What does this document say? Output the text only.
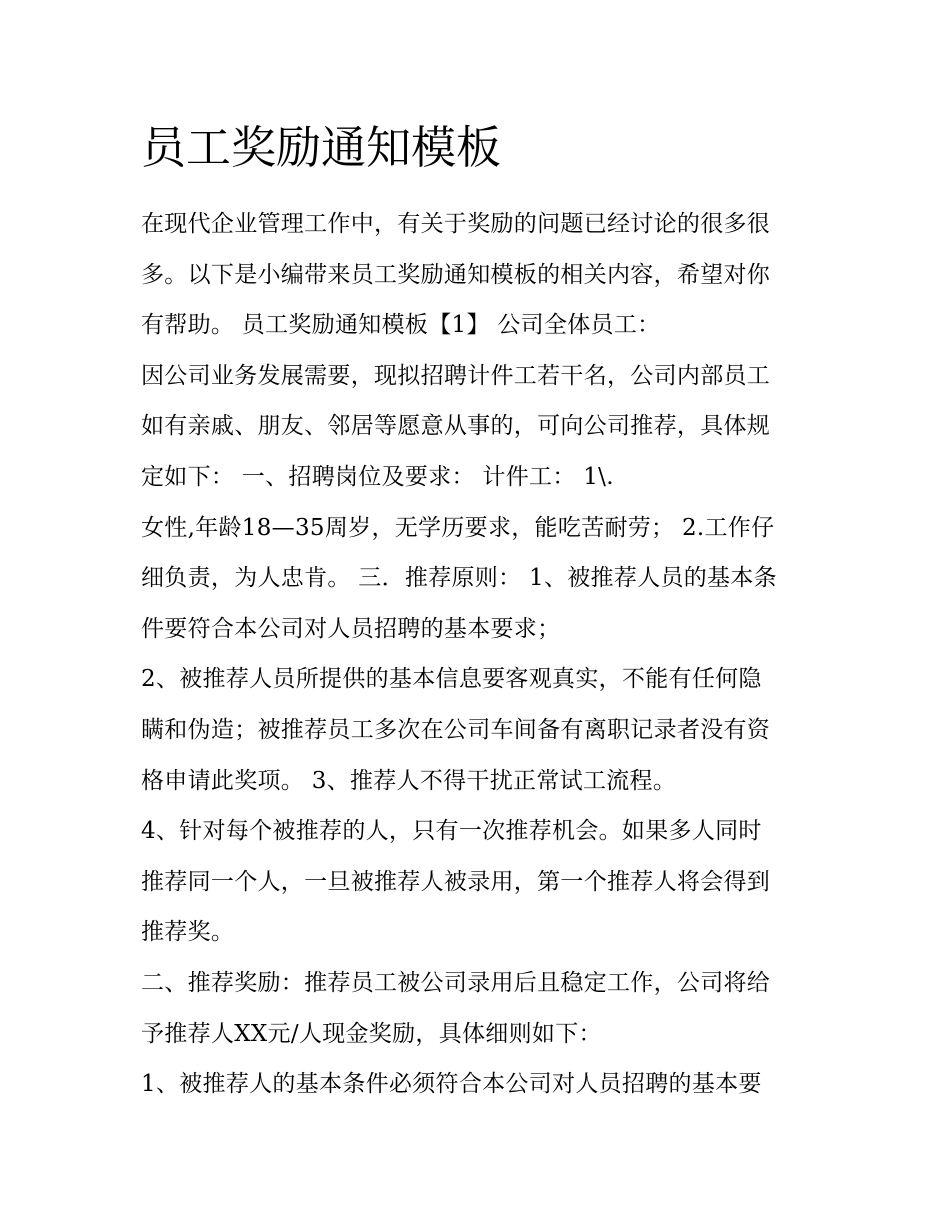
员工奖励通知模板
在现代企业管理工作中，有关于奖励的问题已经讨论的很多很
多。以下是小编带来员工奖励通知模板的相关内容，希望对你
有帮助。 员工奖励通知模板【1】 公司全体员工：
因公司业务发展需要，现拟招聘计件工若干名，公司内部员工
如有亲戚、朋友、邻居等愿意从事的，可向公司推荐，具体规
定如下： 一、招聘岗位及要求： 计件工： 1\.
女性,年龄18—35周岁，无学历要求，能吃苦耐劳； 2.工作仔
细负责，为人忠肯。 三．推荐原则： 1、被推荐人员的基本条
件要符合本公司对人员招聘的基本要求；
2、被推荐人员所提供的基本信息要客观真实，不能有任何隐
瞒和伪造；被推荐员工多次在公司车间备有离职记录者没有资
格申请此奖项。 3、推荐人不得干扰正常试工流程。
4、针对每个被推荐的人，只有一次推荐机会。如果多人同时
推荐同一个人，一旦被推荐人被录用，第一个推荐人将会得到
推荐奖。
二、推荐奖励：推荐员工被公司录用后且稳定工作，公司将给
予推荐人XX元/人现金奖励，具体细则如下：
1、被推荐人的基本条件必须符合本公司对人员招聘的基本要
